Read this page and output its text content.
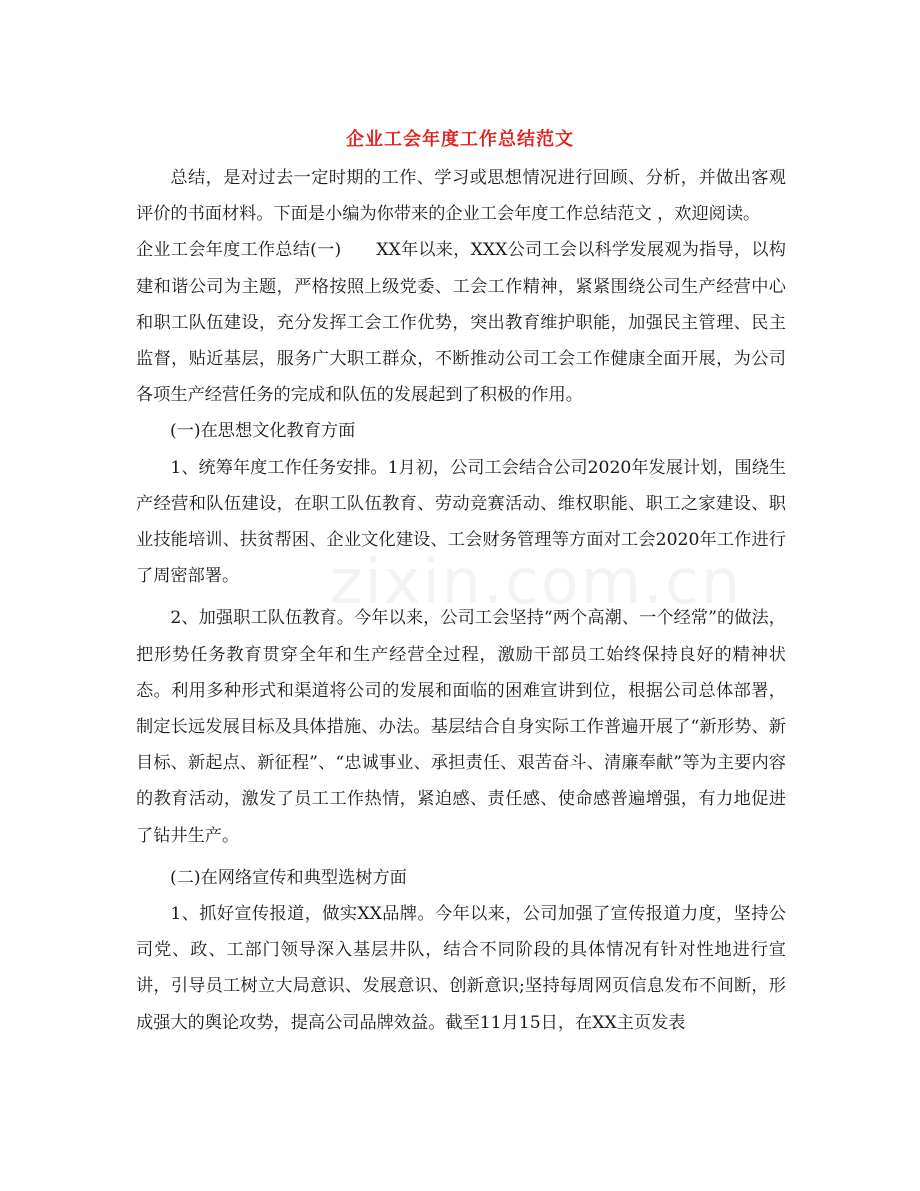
企业工会年度工作总结范文

总结，是对过去一定时期的工作、学习或思想情况进行回顾、分析，并做出客观评价的书面材料。下面是小编为你带来的企业工会年度工作总结范文 ，欢迎阅读。

企业工会年度工作总结(一)　　XX年以来，XXX公司工会以科学发展观为指导，以构建和谐公司为主题，严格按照上级党委、工会工作精神，紧紧围绕公司生产经营中心和职工队伍建设，充分发挥工会工作优势，突出教育维护职能，加强民主管理、民主监督，贴近基层，服务广大职工群众，不断推动公司工会工作健康全面开展，为公司各项生产经营任务的完成和队伍的发展起到了积极的作用。

(一)在思想文化教育方面

1、统筹年度工作任务安排。1月初，公司工会结合公司2020年发展计划，围绕生产经营和队伍建设，在职工队伍教育、劳动竞赛活动、维权职能、职工之家建设、职业技能培训、扶贫帮困、企业文化建设、工会财务管理等方面对工会2020年工作进行了周密部署。

2、加强职工队伍教育。今年以来，公司工会坚持“两个高潮、一个经常”的做法，把形势任务教育贯穿全年和生产经营全过程，激励干部员工始终保持良好的精神状态。利用多种形式和渠道将公司的发展和面临的困难宣讲到位，根据公司总体部署，制定长远发展目标及具体措施、办法。基层结合自身实际工作普遍开展了“新形势、新目标、新起点、新征程”、“忠诚事业、承担责任、艰苦奋斗、清廉奉献”等为主要内容的教育活动，激发了员工工作热情，紧迫感、责任感、使命感普遍增强，有力地促进了钻井生产。

(二)在网络宣传和典型选树方面

1、抓好宣传报道，做实XX品牌。今年以来，公司加强了宣传报道力度，坚持公司党、政、工部门领导深入基层井队，结合不同阶段的具体情况有针对性地进行宣讲，引导员工树立大局意识、发展意识、创新意识;坚持每周网页信息发布不间断，形成强大的舆论攻势，提高公司品牌效益。截至11月15日，在XX主页发表
